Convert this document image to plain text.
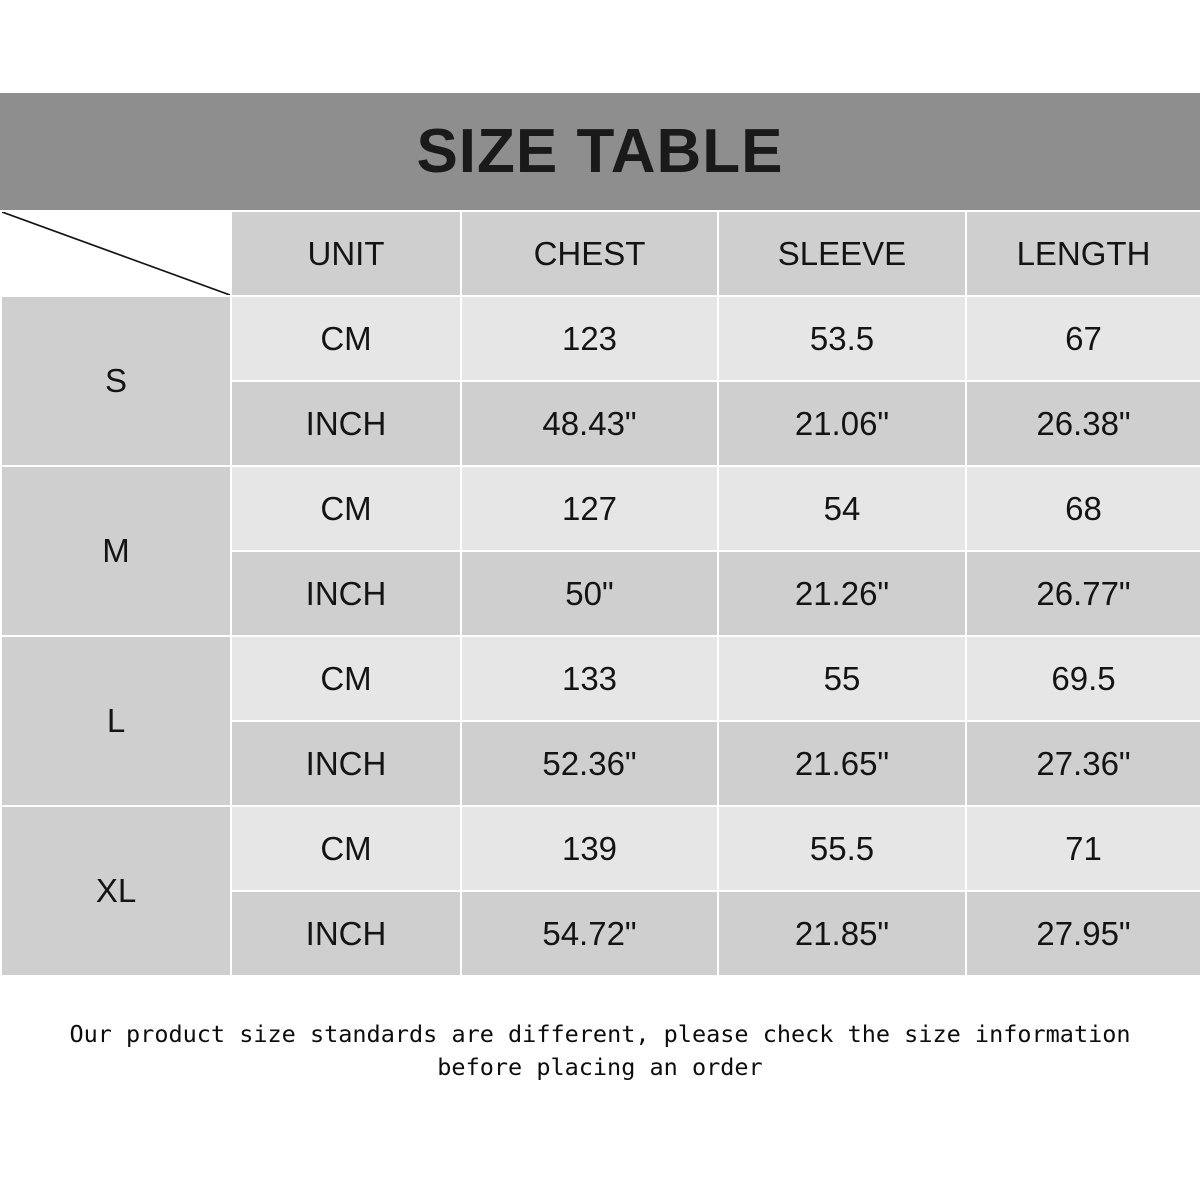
SIZE TABLE
	UNIT	CHEST	SLEEVE	LENGTH
S	CM	123	53.5	67
	INCH	48.43"	21.06"	26.38"
M	CM	127	54	68
	INCH	50"	21.26"	26.77"
L	CM	133	55	69.5
	INCH	52.36"	21.65"	27.36"
XL	CM	139	55.5	71
	INCH	54.72"	21.85"	27.95"
Our product size standards are different, please check the size information
before placing an order
